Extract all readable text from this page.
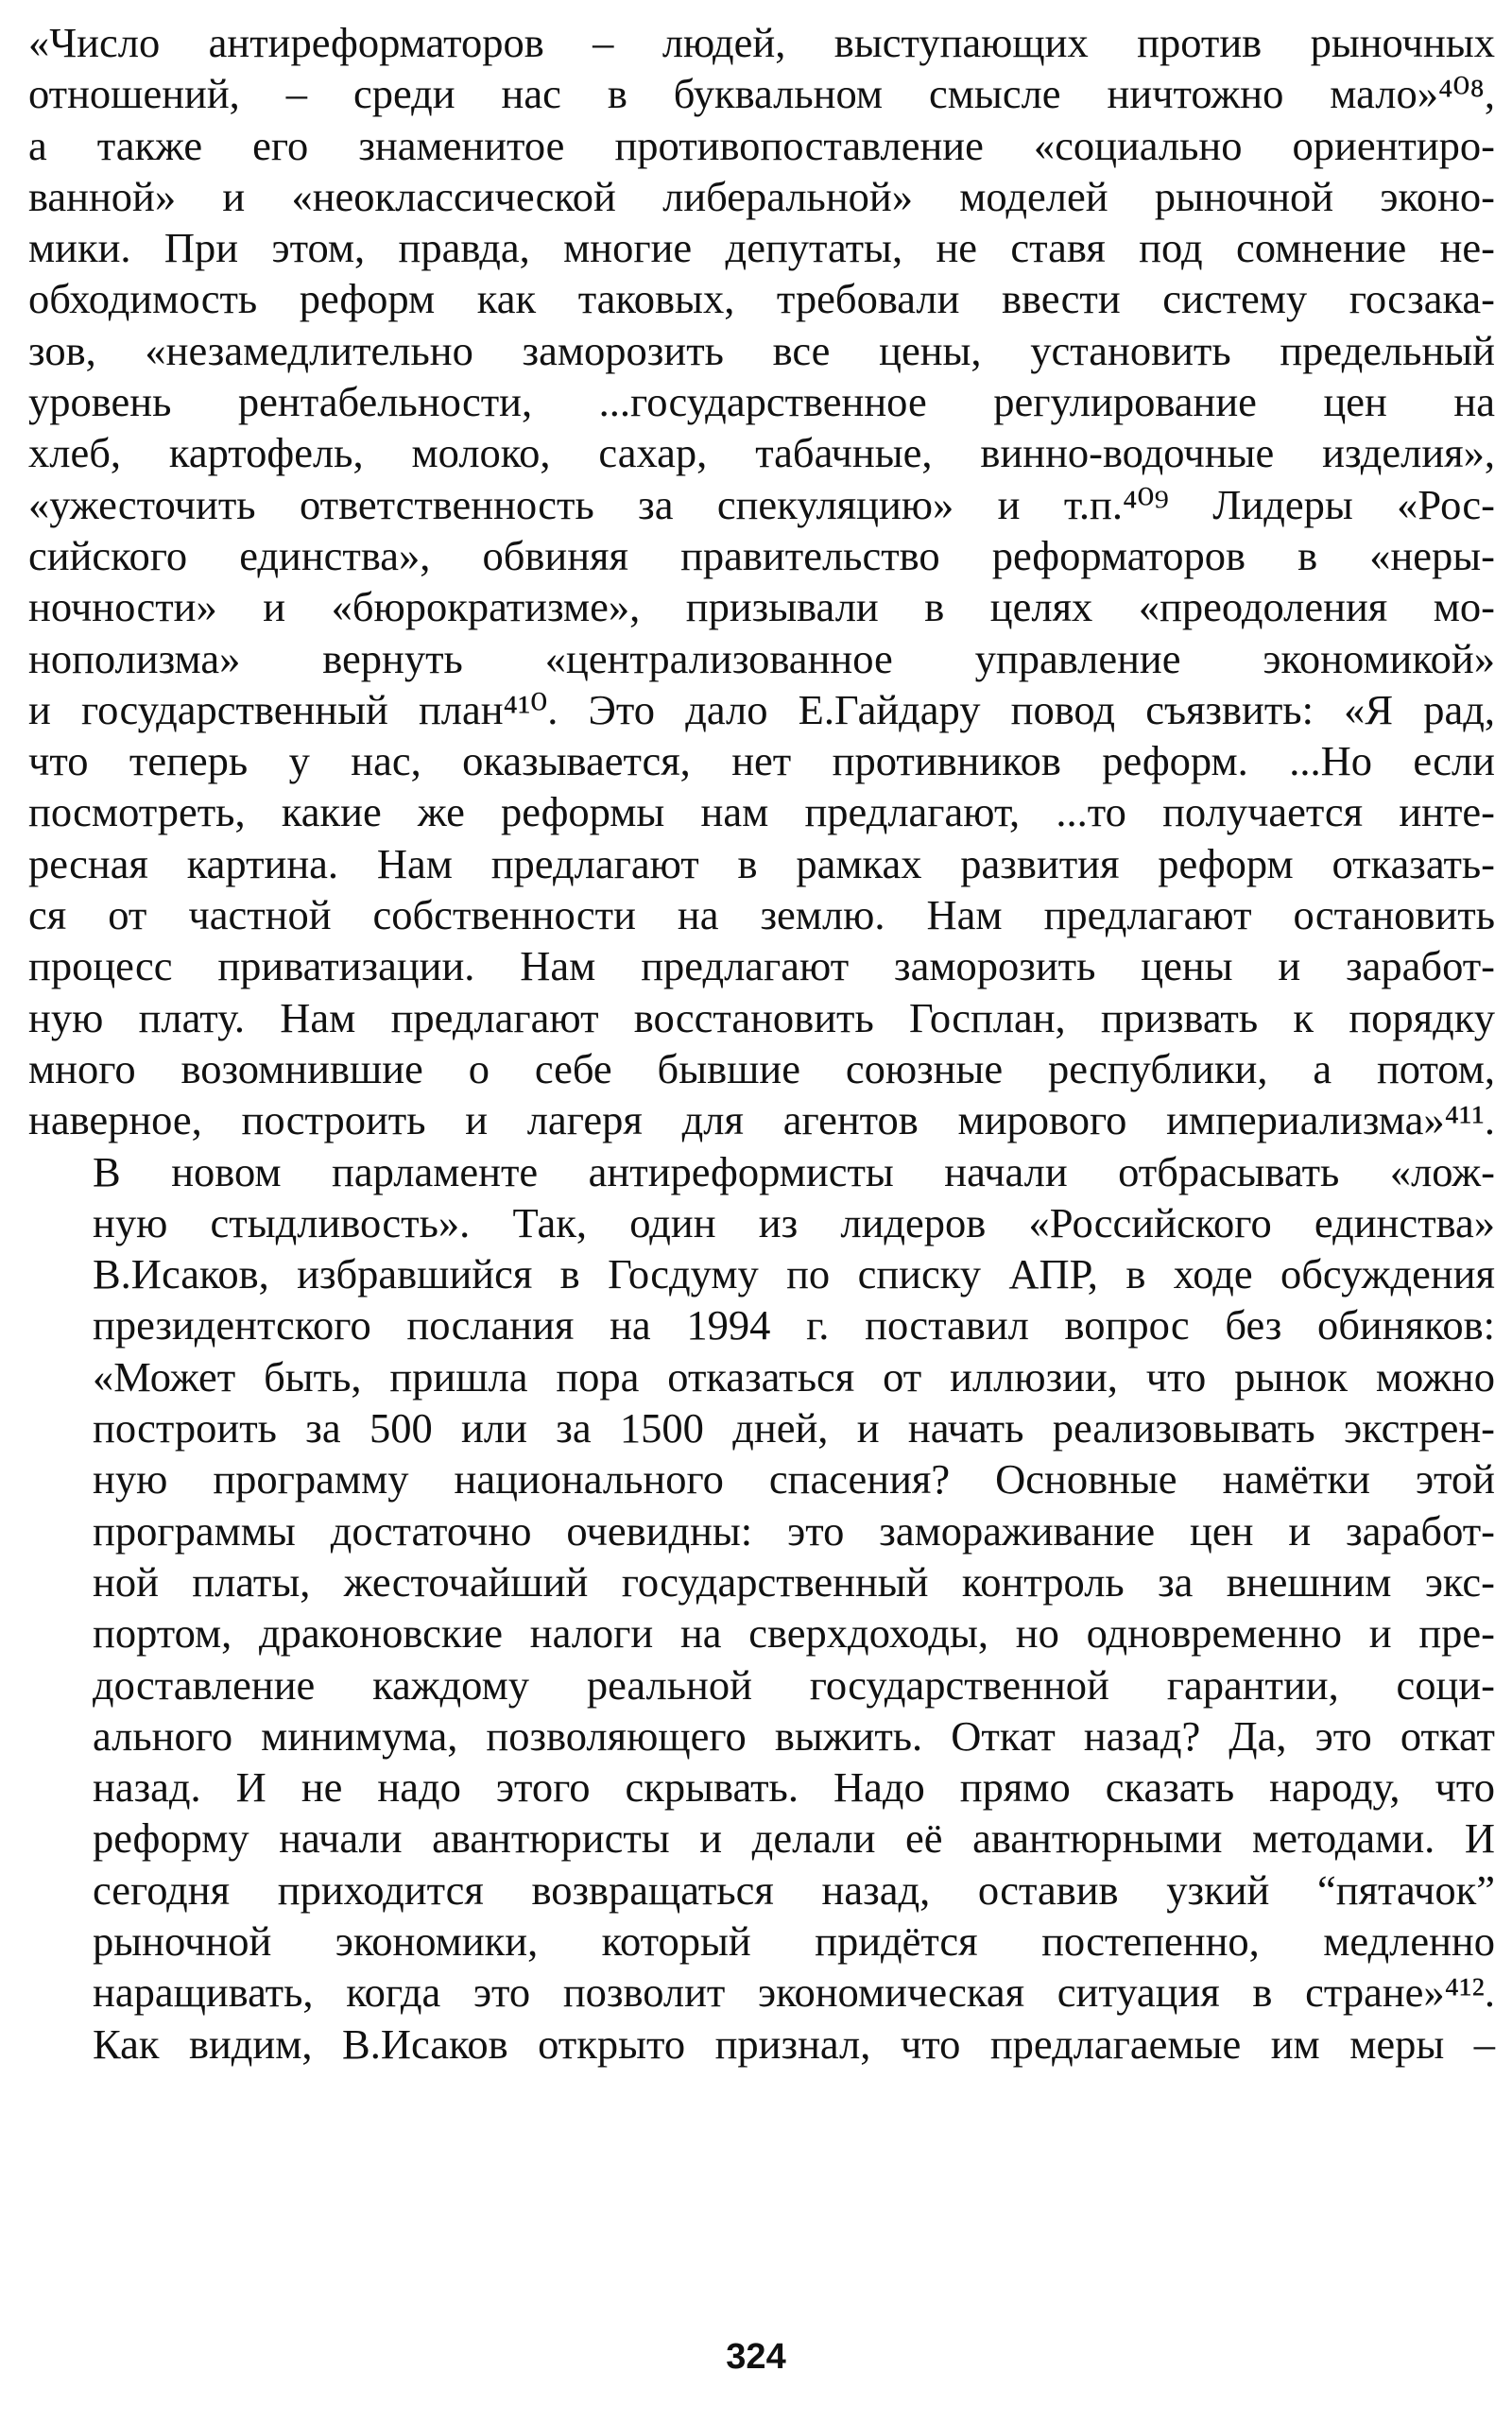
«Число антиреформаторов – людей, выступающих против рыночных
отношений, – среди нас в буквальном смысле ничтожно мало»⁴⁰⁸,
а также его знаменитое противопоставление «социально ориентиро-
ванной» и «неоклассической либеральной» моделей рыночной эконо-
мики. При этом, правда, многие депутаты, не ставя под сомнение не-
обходимость реформ как таковых, требовали ввести систему госзака-
зов, «незамедлительно заморозить все цены, установить предельный
уровень рентабельности, ...государственное регулирование цен на
хлеб, картофель, молоко, сахар, табачные, винно-водочные изделия»,
«ужесточить ответственность за спекуляцию» и т.п.⁴⁰⁹ Лидеры «Рос-
сийского единства», обвиняя правительство реформаторов в «неры-
ночности» и «бюрократизме», призывали в целях «преодоления мо-
нополизма» вернуть «централизованное управление экономикой»
и государственный план⁴¹⁰. Это дало Е.Гайдару повод съязвить: «Я рад,
что теперь у нас, оказывается, нет противников реформ. ...Но если
посмотреть, какие же реформы нам предлагают, ...то получается инте-
ресная картина. Нам предлагают в рамках развития реформ отказать-
ся от частной собственности на землю. Нам предлагают остановить
процесс приватизации. Нам предлагают заморозить цены и заработ-
ную плату. Нам предлагают восстановить Госплан, призвать к порядку
много возомнившие о себе бывшие союзные республики, а потом,
наверное, построить и лагеря для агентов мирового империализма»⁴¹¹.

В новом парламенте антиреформисты начали отбрасывать «лож-
ную стыдливость». Так, один из лидеров «Российского единства»
В.Исаков, избравшийся в Госдуму по списку АПР, в ходе обсуждения
президентского послания на 1994 г. поставил вопрос без обиняков:
«Может быть, пришла пора отказаться от иллюзии, что рынок можно
построить за 500 или за 1500 дней, и начать реализовывать экстрен-
ную программу национального спасения? Основные намётки этой
программы достаточно очевидны: это замораживание цен и заработ-
ной платы, жесточайший государственный контроль за внешним экс-
портом, драконовские налоги на сверхдоходы, но одновременно и пре-
доставление каждому реальной государственной гарантии, соци-
ального минимума, позволяющего выжить. Откат назад? Да, это откат
назад. И не надо этого скрывать. Надо прямо сказать народу, что
реформу начали авантюристы и делали её авантюрными методами. И
сегодня приходится возвращаться назад, оставив узкий “пятачок”
рыночной экономики, который придётся постепенно, медленно
наращивать, когда это позволит экономическая ситуация в стране»⁴¹².
Как видим, В.Исаков открыто признал, что предлагаемые им меры –

324
